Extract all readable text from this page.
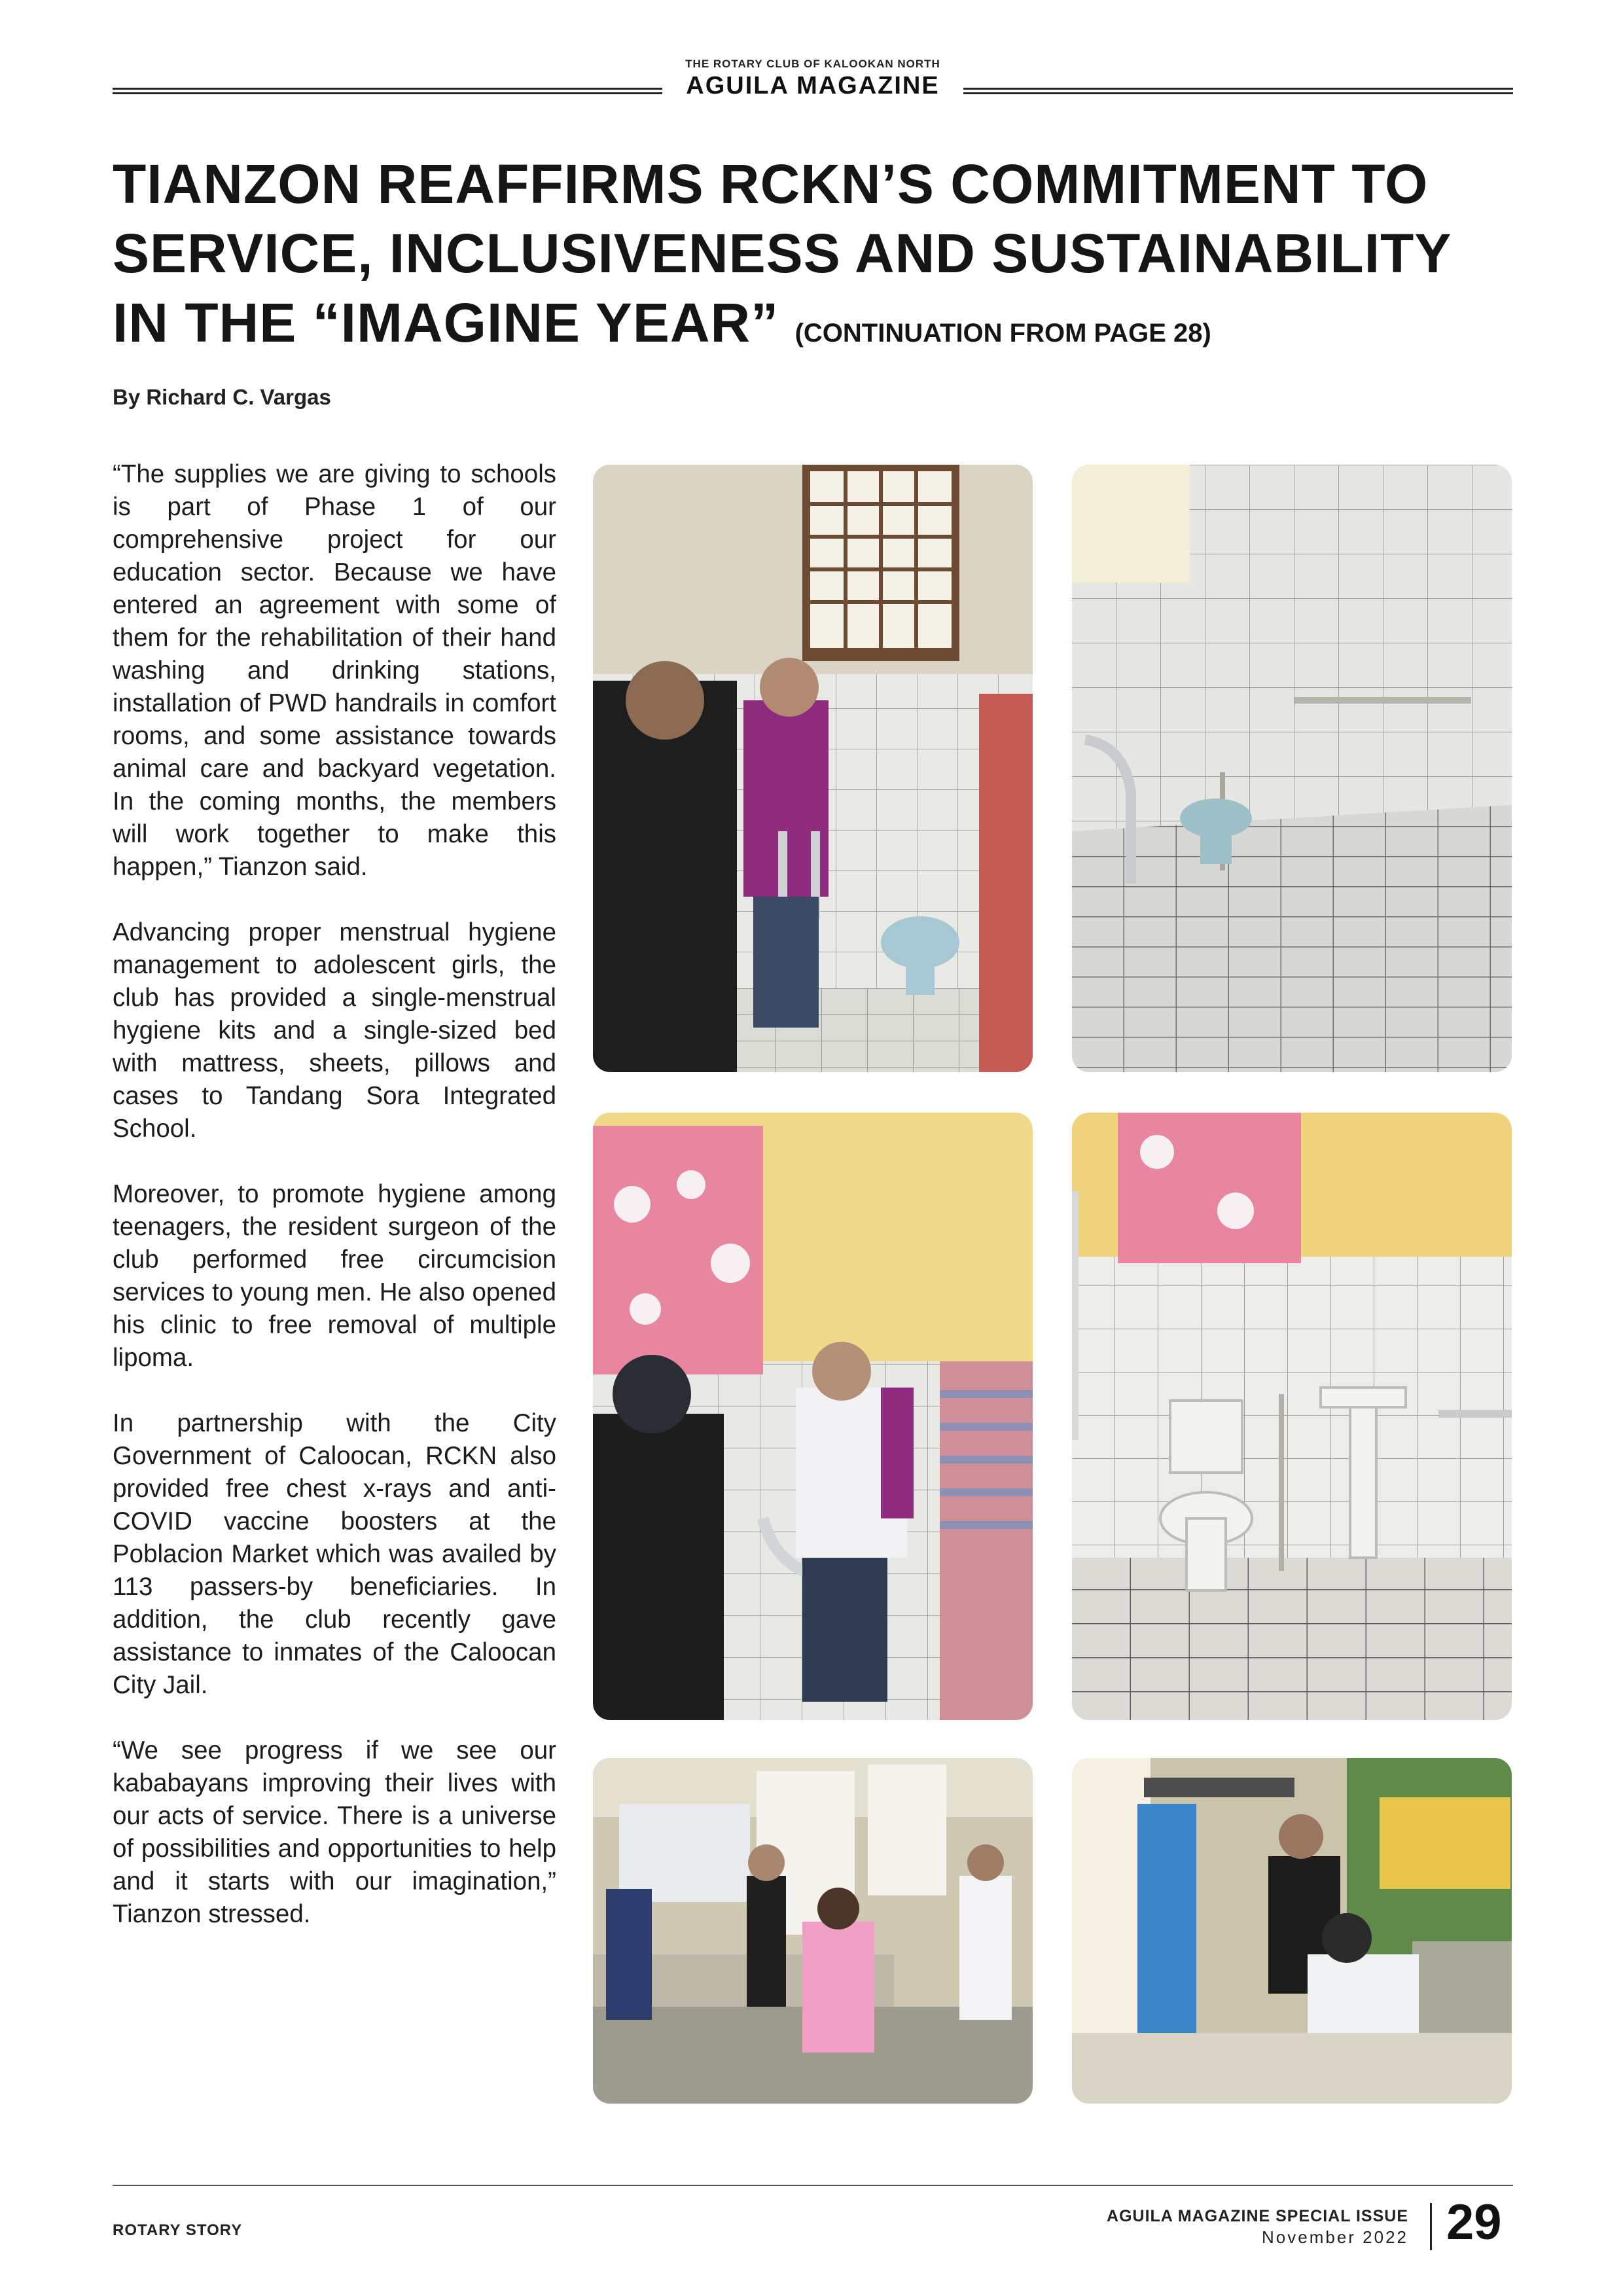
THE ROTARY CLUB OF KALOOKAN NORTH
AGUILA MAGAZINE
TIANZON REAFFIRMS RCKN’S COMMITMENT TO
SERVICE, INCLUSIVENESS AND SUSTAINABILITY
IN THE “IMAGINE YEAR” (CONTINUATION FROM PAGE 28)
By Richard C. Vargas

“The supplies we are giving to schools is part of Phase 1 of our comprehensive project for our education sector. Because we have entered an agreement with some of them for the rehabilitation of their hand washing and drinking stations, installation of PWD handrails in comfort rooms, and some assistance towards animal care and backyard vegetation. In the coming months, the members will work together to make this happen,” Tianzon said.

Advancing proper menstrual hygiene management to adolescent girls, the club has provided a single-menstrual hygiene kits and a single-sized bed with mattress, sheets, pillows and cases to Tandang Sora Integrated School.

Moreover, to promote hygiene among teenagers, the resident surgeon of the club performed free circumcision services to young men. He also opened his clinic to free removal of multiple lipoma.

In partnership with the City Government of Caloocan, RCKN also provided free chest x-rays and anti-COVID vaccine boosters at the Poblacion Market which was availed by 113 passers-by beneficiaries. In addition, the club recently gave assistance to inmates of the Caloocan City Jail.

“We see progress if we see our kababayans improving their lives with our acts of service. There is a universe of possibilities and opportunities to help and it starts with our imagination,” Tianzon stressed.

ROTARY STORY
AGUILA MAGAZINE SPECIAL ISSUE
November 2022 29
